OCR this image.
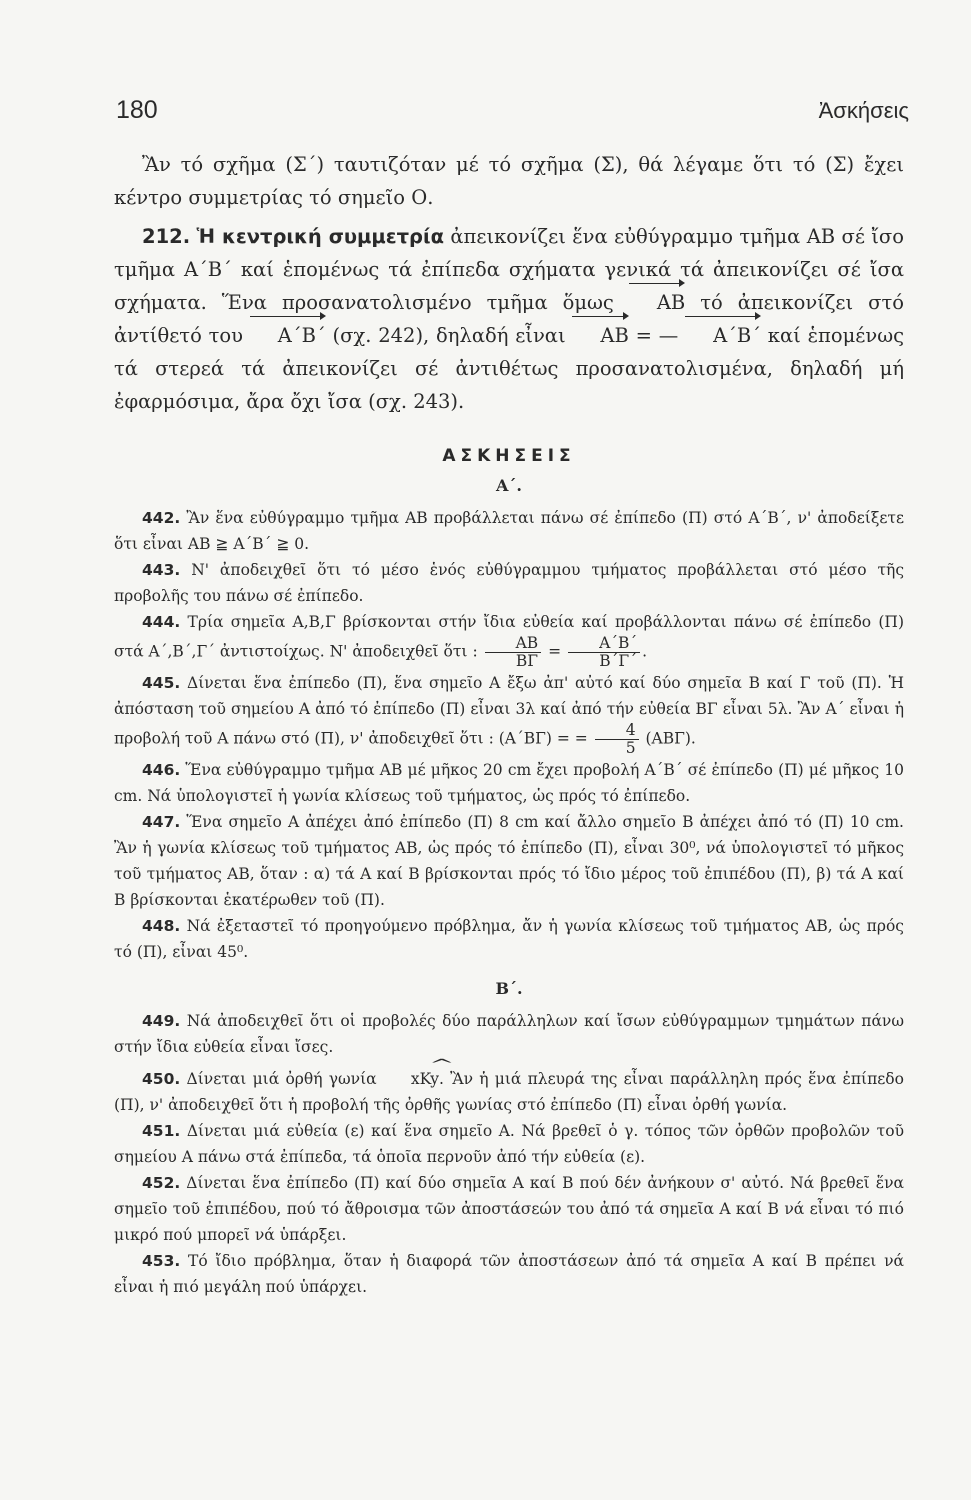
180	Ἀσκήσεις

Ἂν τό σχῆμα (Σ΄) ταυτιζόταν μέ τό σχῆμα (Σ), θά λέγαμε ὅτι τό (Σ) ἔχει κέντρο συμμετρίας τό σημεῖο Ο.

212. Ἡ κεντρική συμμετρία ἀπεικονίζει ἕνα εὐθύγραμμο τμῆμα ΑΒ σέ ἴσο τμῆμα Α΄Β΄ καί ἑπομένως τά ἐπίπεδα σχήματα γενικά τά ἀπεικονίζει σέ ἴσα σχήματα. Ἕνα προσανατολισμένο τμῆμα ὅμως ΑΒ τό ἀπεικονίζει στό ἀντίθετό του Α΄Β΄ (σχ. 242), δηλαδή εἶναι ΑΒ = — Α΄Β΄ καί ἑπομένως τά στερεά τά ἀπεικονίζει σέ ἀντιθέτως προσανατολισμένα, δηλαδή μή ἐφαρμόσιμα, ἄρα ὄχι ἴσα (σχ. 243).

ΑΣΚΗΣΕΙΣ

Α΄.

442. Ἂν ἕνα εὐθύγραμμο τμῆμα ΑΒ προβάλλεται πάνω σέ ἐπίπεδο (Π) στό Α΄Β΄, ν' ἀποδείξετε ὅτι εἶναι ΑΒ ≧ Α΄Β΄ ≧ 0.

443. Ν' ἀποδειχθεῖ ὅτι τό μέσο ἑνός εὐθύγραμμου τμήματος προβάλλεται στό μέσο τῆς προβολῆς του πάνω σέ ἐπίπεδο.

444. Τρία σημεῖα Α,Β,Γ βρίσκονται στήν ἴδια εὐθεία καί προβάλλονται πάνω σέ ἐπίπεδο (Π) στά Α΄,Β΄,Γ΄ ἀντιστοίχως. Ν' ἀποδειχθεῖ ὅτι : $\frac{AB}{B\Gamma} = \frac{A΄B΄}{B΄\Gamma΄}$ .

445. Δίνεται ἕνα ἐπίπεδο (Π), ἕνα σημεῖο Α ἔξω ἀπ' αὐτό καί δύο σημεῖα Β καί Γ τοῦ (Π). Ἡ ἀπόσταση τοῦ σημείου Α ἀπό τό ἐπίπεδο (Π) εἶναι 3λ καί ἀπό τήν εὐθεία ΒΓ εἶναι 5λ. Ἂν Α΄ εἶναι ἡ προβολή τοῦ Α πάνω στό (Π), ν' ἀποδειχθεῖ ὅτι : (Α΄ΒΓ) = = $\frac{4}{5} (AB\Gamma)$.

446. Ἕνα εὐθύγραμμο τμῆμα ΑΒ μέ μῆκος 20 cm ἔχει προβολή Α΄Β΄ σέ ἐπίπεδο (Π) μέ μῆκος 10 cm. Νά ὑπολογιστεῖ ἡ γωνία κλίσεως τοῦ τμήματος, ὡς πρός τό ἐπίπεδο.

447. Ἕνα σημεῖο Α ἀπέχει ἀπό ἐπίπεδο (Π) 8 cm καί ἄλλο σημεῖο Β ἀπέχει ἀπό τό (Π) 10 cm. Ἂν ἡ γωνία κλίσεως τοῦ τμήματος ΑΒ, ὡς πρός τό ἐπίπεδο (Π), εἶναι 30⁰, νά ὑπολογιστεῖ τό μῆκος τοῦ τμήματος ΑΒ, ὅταν : α) τά Α καί Β βρίσκονται πρός τό ἴδιο μέρος τοῦ ἐπιπέδου (Π), β) τά Α καί Β βρίσκονται ἑκατέρωθεν τοῦ (Π).

448. Νά ἐξεταστεῖ τό προηγούμενο πρόβλημα, ἄν ἡ γωνία κλίσεως τοῦ τμήματος ΑΒ, ὡς πρός τό (Π), εἶναι 45⁰.

Β΄.

449. Νά ἀποδειχθεῖ ὅτι οἱ προβολές δύο παράλληλων καί ἴσων εὐθύγραμμων τμημάτων πάνω στήν ἴδια εὐθεία εἶναι ἴσες.

450. Δίνεται μιά ὀρθή γωνία ^ xKy. Ἂν ἡ μιά πλευρά της εἶναι παράλληλη πρός ἕνα ἐπίπεδο (Π), ν' ἀποδειχθεῖ ὅτι ἡ προβολή τῆς ὀρθῆς γωνίας στό ἐπίπεδο (Π) εἶναι ὀρθή γωνία.

451. Δίνεται μιά εὐθεία (ε) καί ἕνα σημεῖο Α. Νά βρεθεῖ ὁ γ. τόπος τῶν ὀρθῶν προβολῶν τοῦ σημείου Α πάνω στά ἐπίπεδα, τά ὁποῖα περνοῦν ἀπό τήν εὐθεία (ε).

452. Δίνεται ἕνα ἐπίπεδο (Π) καί δύο σημεῖα Α καί Β πού δέν ἀνήκουν σ' αὐτό. Νά βρεθεῖ ἕνα σημεῖο τοῦ ἐπιπέδου, πού τό ἄθροισμα τῶν ἀποστάσεών του ἀπό τά σημεῖα Α καί Β νά εἶναι τό πιό μικρό πού μπορεῖ νά ὑπάρξει.

453. Τό ἴδιο πρόβλημα, ὅταν ἡ διαφορά τῶν ἀποστάσεων ἀπό τά σημεῖα Α καί Β πρέπει νά εἶναι ἡ πιό μεγάλη πού ὑπάρχει.
